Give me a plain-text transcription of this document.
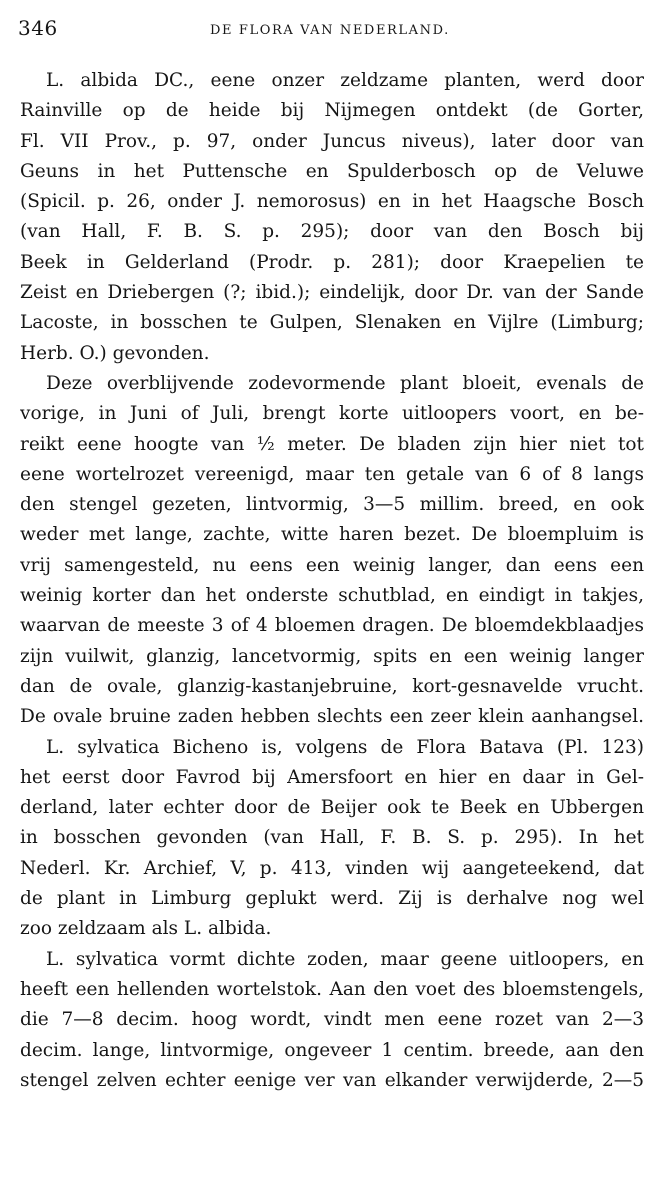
346	DE FLORA VAN NEDERLAND.
L. albida DC., eene onzer zeldzame planten, werd door
Rainville op de heide bij Nijmegen ontdekt (de Gorter,
Fl. VII Prov., p. 97, onder Juncus niveus), later door van
Geuns in het Puttensche en Spulderbosch op de Veluwe
(Spicil. p. 26, onder J. nemorosus) en in het Haagsche Bosch
(van Hall, F. B. S. p. 295); door van den Bosch bij
Beek in Gelderland (Prodr. p. 281); door Kraepelien te
Zeist en Driebergen (?; ibid.); eindelijk, door Dr. van der Sande
Lacoste, in bosschen te Gulpen, Slenaken en Vijlre (Limburg;
Herb. O.) gevonden.
Deze overblijvende zodevormende plant bloeit, evenals de
vorige, in Juni of Juli, brengt korte uitloopers voort, en be-
reikt eene hoogte van ½ meter. De bladen zijn hier niet tot
eene wortelrozet vereenigd, maar ten getale van 6 of 8 langs
den stengel gezeten, lintvormig, 3—5 millim. breed, en ook
weder met lange, zachte, witte haren bezet. De bloempluim is
vrij samengesteld, nu eens een weinig langer, dan eens een
weinig korter dan het onderste schutblad, en eindigt in takjes,
waarvan de meeste 3 of 4 bloemen dragen. De bloemdekblaadjes
zijn vuilwit, glanzig, lancetvormig, spits en een weinig langer
dan de ovale, glanzig-kastanjebruine, kort-gesnavelde vrucht.
De ovale bruine zaden hebben slechts een zeer klein aanhangsel.
L. sylvatica Bicheno is, volgens de Flora Batava (Pl. 123)
het eerst door Favrod bij Amersfoort en hier en daar in Gel-
derland, later echter door de Beijer ook te Beek en Ubbergen
in bosschen gevonden (van Hall, F. B. S. p. 295). In het
Nederl. Kr. Archief, V, p. 413, vinden wij aangeteekend, dat
de plant in Limburg geplukt werd. Zij is derhalve nog wel
zoo zeldzaam als L. albida.
L. sylvatica vormt dichte zoden, maar geene uitloopers, en
heeft een hellenden wortelstok. Aan den voet des bloemstengels,
die 7—8 decim. hoog wordt, vindt men eene rozet van 2—3
decim. lange, lintvormige, ongeveer 1 centim. breede, aan den
stengel zelven echter eenige ver van elkander verwijderde, 2—5
